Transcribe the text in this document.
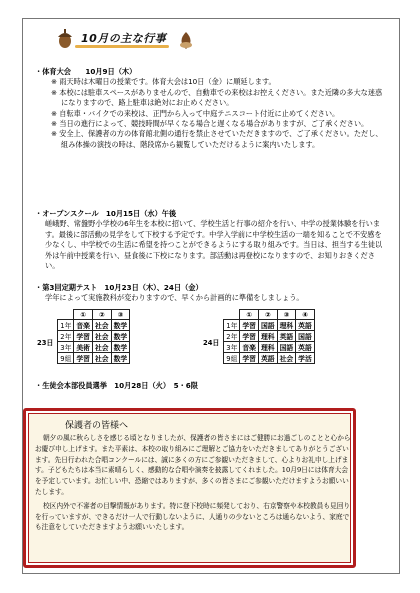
10月の主な行事
・体育大会　　10月9日（木）
※ 雨天時は木曜日の授業です。体育大会は10日（金）に順延します。
※ 本校には駐車スペースがありませんので、自動車での来校はお控えください。また近隣の多大な迷惑になりますので、路上駐車は絶対にお止めください。
※ 自転車・バイクでの来校は、正門から入って中庭テニスコート付近に止めてください。
※ 当日の進行によって、競技時間が早くなる場合と遅くなる場合がありますが、ご了承ください。
※ 安全上、保護者の方の体育館北側の通行を禁止させていただきますので、ご了承ください。ただし、組み体操の演技の時は、階段席から観覧していただけるように案内いたします。
・オープンスクール　10月15日（水）午後
嵯峨野、常盤野小学校の6年生を本校に招いて、学校生活と行事の紹介を行い、中学の授業体験を行います。最後に部活動の見学をして下校する予定です。中学入学前に中学校生活の一端を知ることで不安感を少なくし、中学校での生活に希望を持つことができるようにする取り組みです。当日は、担当する生徒以外は午前中授業を行い、昼食後に下校になります。部活動は再登校になりますので、お知りおきください。
・第3回定期テスト　10月23日（木）、24日（金）
学年によって実施教科が変わりますので、早くから計画的に準備をしましょう。
		①	②	③
23日	1年	音楽	社会	数学
	2年	学習	社会	数学
	3年	美術	社会	数学
	9組	学習	社会	数学
		①	②	③	④
24日	1年	学習	国語	理科	英語
	2年	学習	理科	英語	国語
	3年	音楽	理科	国語	英語
	9組	学習	英語	社会	学活
・生徒会本部役員選挙　10月28日（火）　5・6限
保護者の皆様へ

朝夕の風に秋らしさを感じる頃となりましたが、保護者の皆さまにはご健勝にお過ごしのことと心からお慶び申し上げます。また平素は、本校の取り組みにご理解とご協力をいただきましてありがとうございます。先日行われた合唱コンクールには、誠に多くの方にご参観いただきまして、心よりお礼申し上げます。子どもたちは本当に素晴らしく、感動的な合唱や演奏を披露してくれました。10月9日には体育大会を予定しています。お忙しい中、恐縮ではありますが、多くの皆さまにご参観いただけますようお願いいたします。

校区内外で不審者の目撃情報があります。特に登下校時に頻発しており、右京警察や本校教員も見回りを行っていますが、できるだけ一人で行動しないように、人通りの少ないところは通らないよう、家庭でも注意をしていただきますようお願いいたします。
